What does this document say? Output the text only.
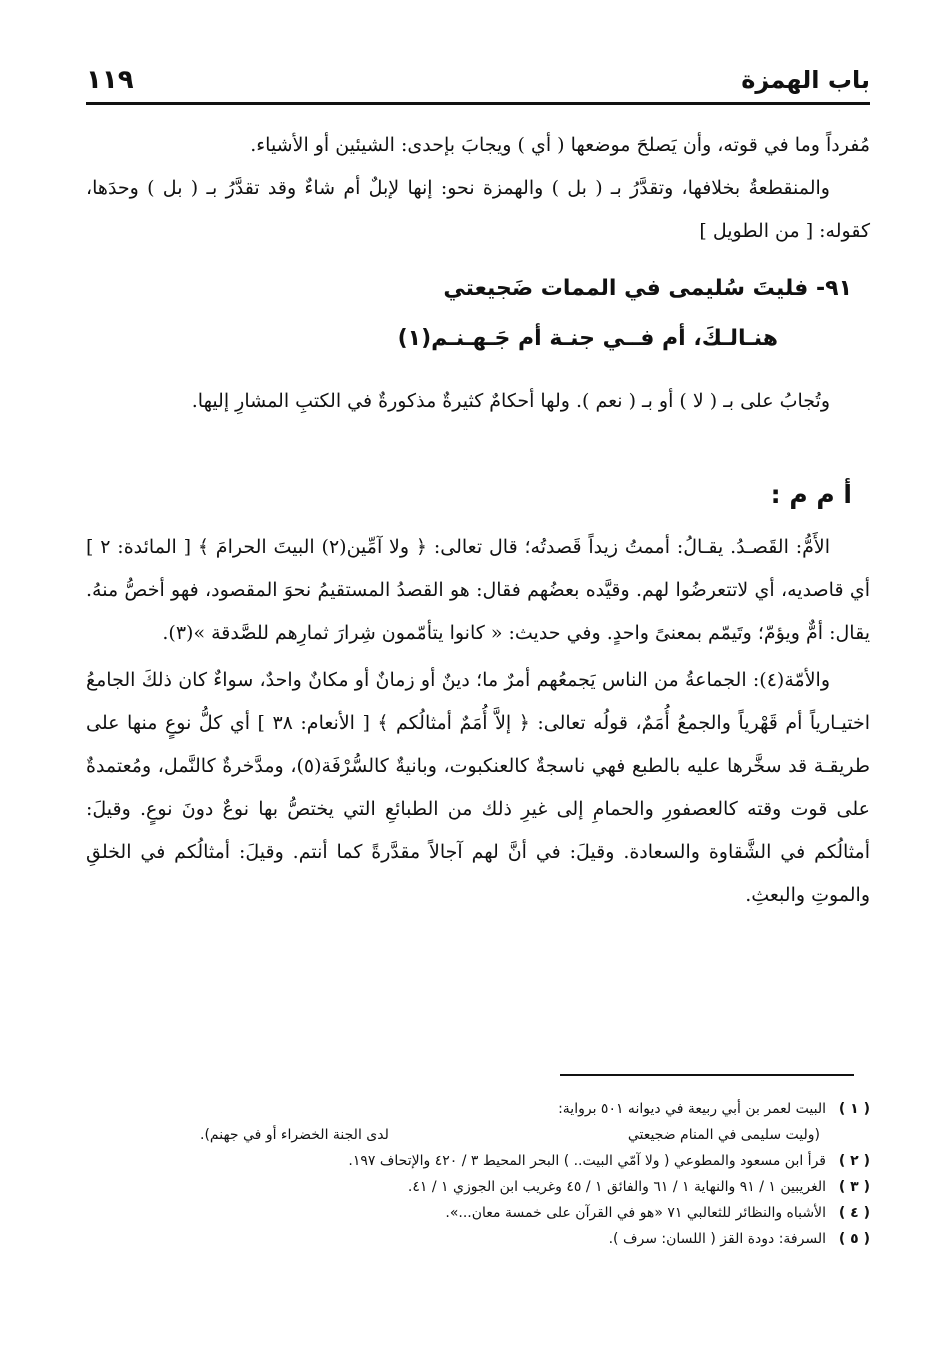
باب الهمزة
١١٩

مُفرداً وما في قوته، وأن يَصلحَ موضعها ( أي ) ويجابَ بإحدى: الشيئين أو الأشياء.

والمنقطعةُ بخلافها، وتقدَّرُ بـ ( بل ) والهمزة نحو: إنها لإبلٌ أم شاءٌ وقد تقدَّرُ بـ ( بل ) وحدَها، كقوله: [ من الطويل ]

٩١- فليتَ سُليمى في الممات ضَجيعتي
هنـالـكَ، أم فــي جنـة أم جَـهـنـم(١)

وتُجابُ على بـ ( لا ) أو بـ ( نعم ). ولها أحكامٌ كثيرةٌ مذكورةٌ في الكتبِ المشارِ إليها.

أ م م :

الأَمُّ: القَصـدُ. يقـالُ: أممتُ زيداً قَصدتُه؛ قال تعالى: ﴿ ولا آمِّين(٢) البيتَ الحرامَ ﴾ [ المائدة: ٢ ] أي قاصديه، أي لاتتعرضُوا لهم. وقيَّده بعضُهم فقال: هو القصدُ المستقيمُ نحوَ المقصود، فهو أخصُّ منهُ. يقال: أمٌّ ويؤمّ؛ وتَيمّم بمعنىً واحدٍ. وفي حديث: « كانوا يتأمّمون شِرارَ ثمارِهم للصَّدقة »(٣).

والأمّة(٤): الجماعةُ من الناس يَجمعُهم أمرٌ ما؛ دينٌ أو زمانٌ أو مكانٌ واحدٌ، سواءٌ كان ذلكَ الجامعُ اختيـارياً أم قَهْرياً والجمعُ أُمَمٌ، قولُه تعالى: ﴿ إلاَّ أُمَمٌ أمثالُكم ﴾ [ الأنعام: ٣٨ ] أي كلُّ نوعٍ منها على طريقـة قد سخَّرها عليه بالطبع فهي ناسجةٌ كالعنكبوت، وبانيةٌ كالسُّرْفَة(٥)، ومدَّخرةٌ كالنَّمل، ومُعتمدةٌ على قوت وقته كالعصفورِ والحمامِ إلى غيرِ ذلك من الطبائعِ التي يختصُّ بها نوعٌ دونَ نوعٍ. وقيلَ: أمثالُكم في الشَّقاوة والسعادة. وقيلَ: في أنَّ لهم آجالاً مقدَّرةً كما أنتم. وقيلَ: أمثالُكم في الخلقِ والموتِ والبعثِ.

( ١ )
البيت لعمر بن أبي ربيعة في ديوانه ٥٠١ برواية:
(وليت سليمى في المنام ضجيعتي
لدى الجنة الخضراء أو في جهنم).
( ٢ )
قرأ ابن مسعود والمطوعي ( ولا آمّي البيت.. ) البحر المحيط ٣ / ٤٢٠ والإتحاف ١٩٧.
( ٣ )
الغريبين ١ / ٩١ والنهاية ١ / ٦١ والفائق ١ / ٤٥ وغريب ابن الجوزي ١ / ٤١.
( ٤ )
الأشباه والنظائر للثعالبي ٧١ «هو في القرآن على خمسة معان...».
( ٥ )
السرفة: دودة القز ( اللسان: سرف ).
